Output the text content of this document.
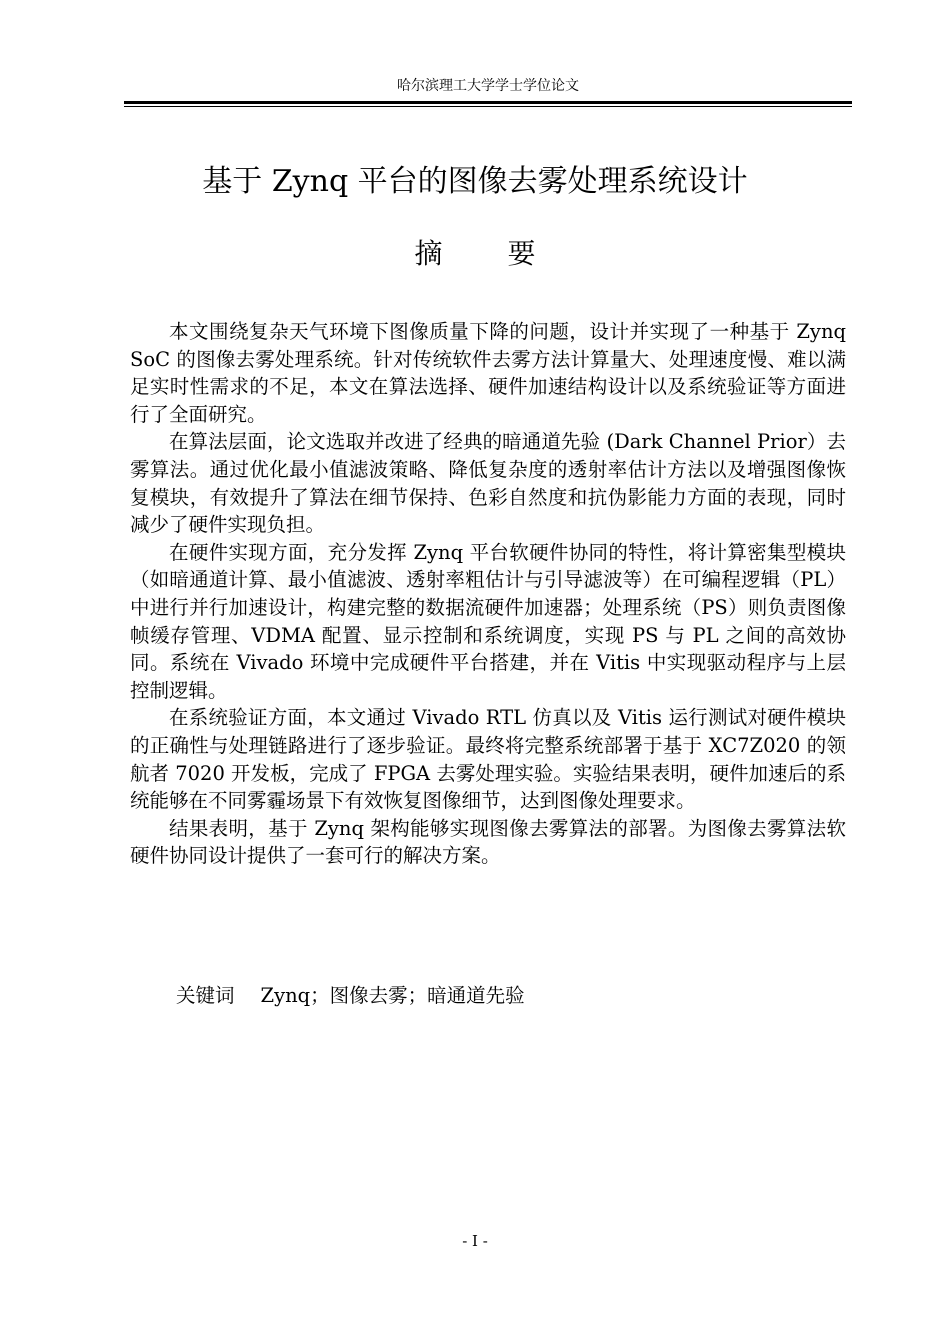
哈尔滨理工大学学士学位论文
基于 Zynq 平台的图像去雾处理系统设计
摘 要

本文围绕复杂天气环境下图像质量下降的问题，设计并实现了一种基于 Zynq SoC 的图像去雾处理系统。针对传统软件去雾方法计算量大、处理速度慢、难以满足实时性需求的不足，本文在算法选择、硬件加速结构设计以及系统验证等方面进行了全面研究。

在算法层面，论文选取并改进了经典的暗通道先验 (Dark Channel Prior）去雾算法。通过优化最小值滤波策略、降低复杂度的透射率估计方法以及增强图像恢复模块，有效提升了算法在细节保持、色彩自然度和抗伪影能力方面的表现，同时减少了硬件实现负担。

在硬件实现方面，充分发挥 Zynq 平台软硬件协同的特性，将计算密集型模块（如暗通道计算、最小值滤波、透射率粗估计与引导滤波等）在可编程逻辑（PL）中进行并行加速设计，构建完整的数据流硬件加速器；处理系统（PS）则负责图像帧缓存管理、VDMA 配置、显示控制和系统调度，实现 PS 与 PL 之间的高效协同。系统在 Vivado 环境中完成硬件平台搭建，并在 Vitis 中实现驱动程序与上层控制逻辑。

在系统验证方面，本文通过 Vivado RTL 仿真以及 Vitis 运行测试对硬件模块的正确性与处理链路进行了逐步验证。最终将完整系统部署于基于 XC7Z020 的领航者 7020 开发板，完成了 FPGA 去雾处理实验。实验结果表明，硬件加速后的系统能够在不同雾霾场景下有效恢复图像细节，达到图像处理要求。

结果表明，基于 Zynq 架构能够实现图像去雾算法的部署。为图像去雾算法软硬件协同设计提供了一套可行的解决方案。

关键词 Zynq；图像去雾；暗通道先验
- I -
